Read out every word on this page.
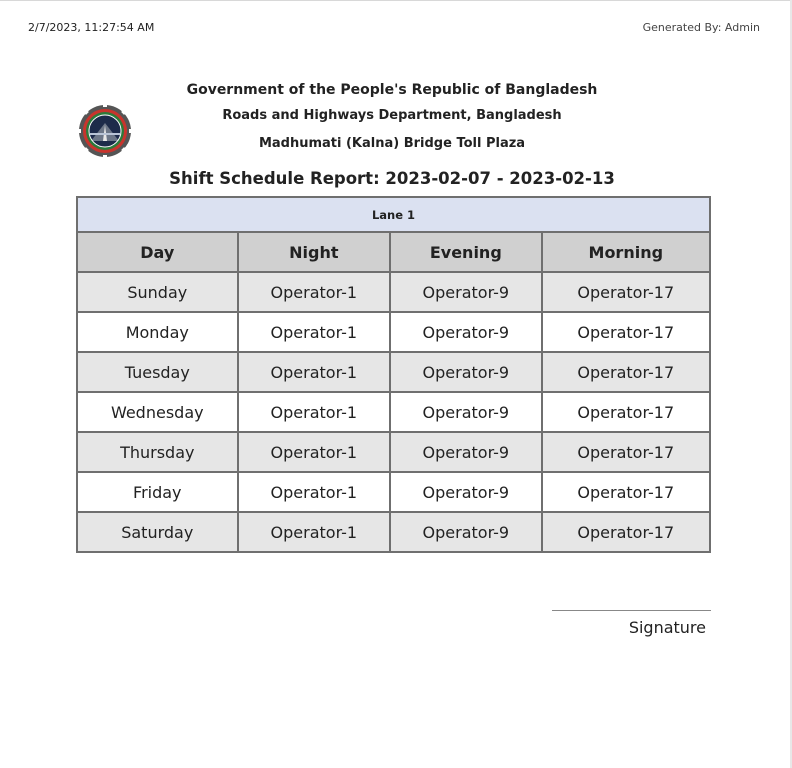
2/7/2023, 11:27:54 AM	Generated By: Admin
Government of the People's Republic of Bangladesh
Roads and Highways Department, Bangladesh
Madhumati (Kalna) Bridge Toll Plaza
Shift Schedule Report: 2023-02-07 - 2023-02-13
Lane 1			
Day	Night	Evening	Morning
Sunday	Operator-1	Operator-9	Operator-17
Monday	Operator-1	Operator-9	Operator-17
Tuesday	Operator-1	Operator-9	Operator-17
Wednesday	Operator-1	Operator-9	Operator-17
Thursday	Operator-1	Operator-9	Operator-17
Friday	Operator-1	Operator-9	Operator-17
Saturday	Operator-1	Operator-9	Operator-17
Signature
